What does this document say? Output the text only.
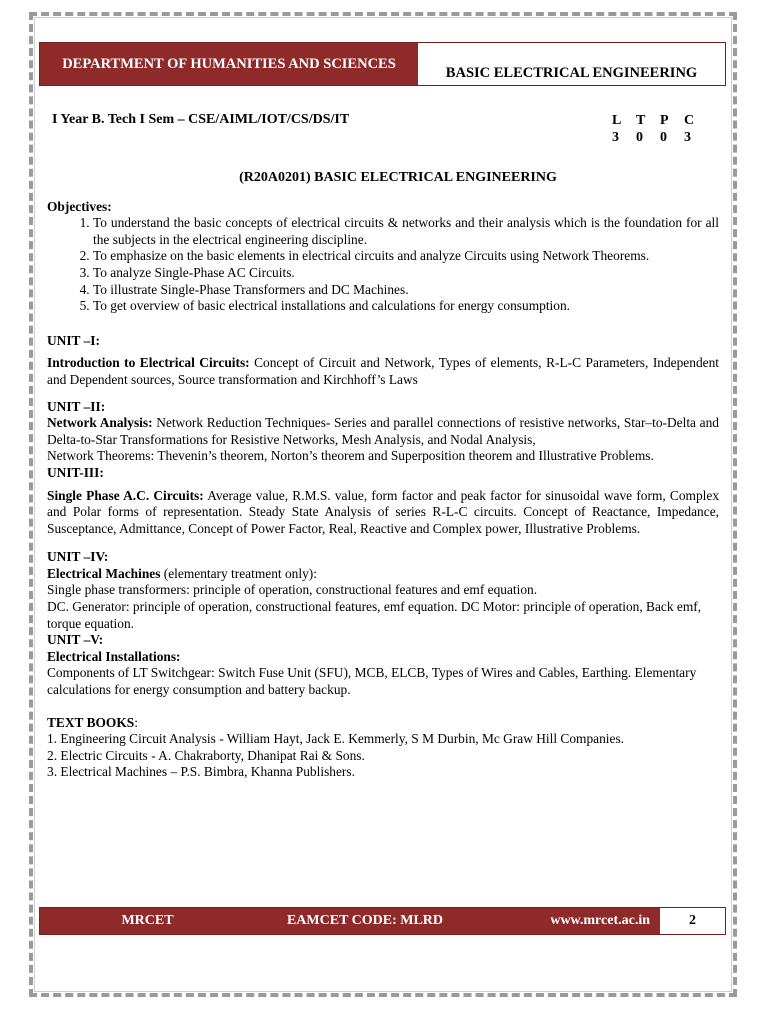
DEPARTMENT OF HUMANITIES AND SCIENCES
BASIC ELECTRICAL ENGINEERING
I Year B. Tech I Sem – CSE/AIML/IOT/CS/DS/IT	L T P C
3 0 0 3
(R20A0201) BASIC ELECTRICAL ENGINEERING
Objectives:
1. To understand the basic concepts of electrical circuits & networks and their analysis which is the foundation for all the subjects in the electrical engineering discipline.
2. To emphasize on the basic elements in electrical circuits and analyze Circuits using Network Theorems.
3. To analyze Single-Phase AC Circuits.
4. To illustrate Single-Phase Transformers and DC Machines.
5. To get overview of basic electrical installations and calculations for energy consumption.
UNIT –I:

Introduction to Electrical Circuits: Concept of Circuit and Network, Types of elements, R-L-C Parameters, Independent and Dependent sources, Source transformation and Kirchhoff’s Laws

UNIT –II:

Network Analysis: Network Reduction Techniques- Series and parallel connections of resistive networks, Star–to-Delta and Delta-to-Star Transformations for Resistive Networks, Mesh Analysis, and Nodal Analysis,

Network Theorems: Thevenin’s theorem, Norton’s theorem and Superposition theorem and Illustrative Problems.

UNIT-III:

Single Phase A.C. Circuits: Average value, R.M.S. value, form factor and peak factor for sinusoidal wave form, Complex and Polar forms of representation. Steady State Analysis of series R-L-C circuits. Concept of Reactance, Impedance, Susceptance, Admittance, Concept of Power Factor, Real, Reactive and Complex power, Illustrative Problems.

UNIT –IV:

Electrical Machines (elementary treatment only):

Single phase transformers: principle of operation, constructional features and emf equation.

DC. Generator: principle of operation, constructional features, emf equation. DC Motor: principle of operation, Back emf, torque equation.

UNIT –V:

Electrical Installations:

Components of LT Switchgear: Switch Fuse Unit (SFU), MCB, ELCB, Types of Wires and Cables, Earthing. Elementary calculations for energy consumption and battery backup.

TEXT BOOKS:

1. Engineering Circuit Analysis - William Hayt, Jack E. Kemmerly, S M Durbin, Mc Graw Hill Companies.

2. Electric Circuits - A. Chakraborty, Dhanipat Rai & Sons.

3. Electrical Machines – P.S. Bimbra, Khanna Publishers.

MRCET	EAMCET CODE: MLRD	www.mrcet.ac.in	2
